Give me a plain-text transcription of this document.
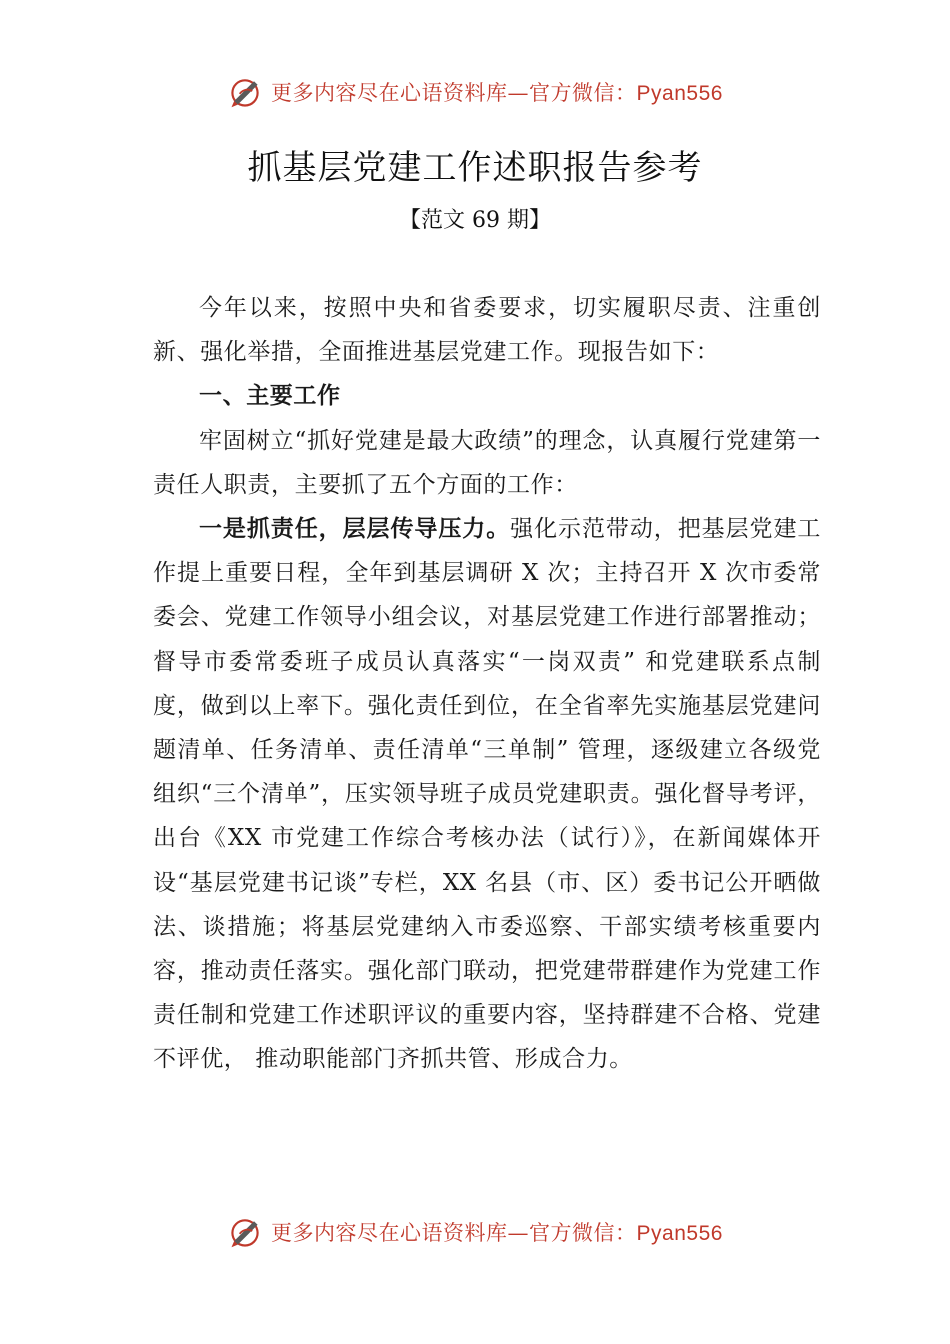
更多内容尽在心语资料库—官方微信：Pyan556
抓基层党建工作述职报告参考
【范文 69 期】

今年以来，按照中央和省委要求，切实履职尽责、注重创新、强化举措，全面推进基层党建工作。现报告如下：

一、主要工作

牢固树立“抓好党建是最大政绩”的理念，认真履行党建第一责任人职责，主要抓了五个方面的工作：

一是抓责任，层层传导压力。强化示范带动，把基层党建工作提上重要日程，全年到基层调研 X 次；主持召开 X 次市委常委会、党建工作领导小组会议，对基层党建工作进行部署推动；督导市委常委班子成员认真落实“一岗双责” 和党建联系点制度，做到以上率下。强化责任到位，在全省率先实施基层党建问题清单、任务清单、责任清单“三单制” 管理，逐级建立各级党组织“三个清单”，压实领导班子成员党建职责。强化督导考评，出台《XX 市党建工作综合考核办法（试行）》，在新闻媒体开设“基层党建书记谈”专栏，XX 名县（市、区）委书记公开晒做法、谈措施；将基层党建纳入市委巡察、干部实绩考核重要内容，推动责任落实。强化部门联动，把党建带群建作为党建工作责任制和党建工作述职评议的重要内容，坚持群建不合格、党建不评优， 推动职能部门齐抓共管、形成合力。

更多内容尽在心语资料库—官方微信：Pyan556
